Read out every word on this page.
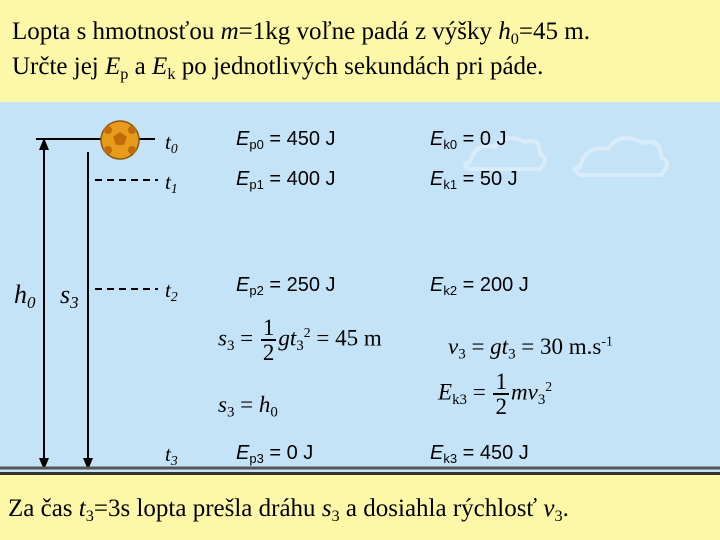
Lopta s hmotnosťou m=1kg voľne padá z výšky $h_0=45$ m.
Určte jej $E_p$ a $E_k$ po jednotlivých sekundách pri páde.
$h_0$ $s_3$
$t_0$
$t_1$
$t_2$
$t_3$
$E_{p0} = 450$ J
$E_{p1} = 400$ J
$E_{p2} = 250$ J
$E_{p3} = 0$ J
$E_{k0} = 0$ J
$E_{k1} = 50$ J
$E_{k2} = 200$ J
$E_{k3} = 450$ J
$s_3 = \frac{1}{2} gt_3^2 = 45$ m	$v_3 = gt_3 = 30$ $m.s^{-1}$
$s_3 = h_0$
$E_{k3} = \frac{1}{2} mv_3^2$
Za čas $t_3=3s$ lopta prešla dráhu $s_3$ a dosiahla rýchlosť $v_3$.
